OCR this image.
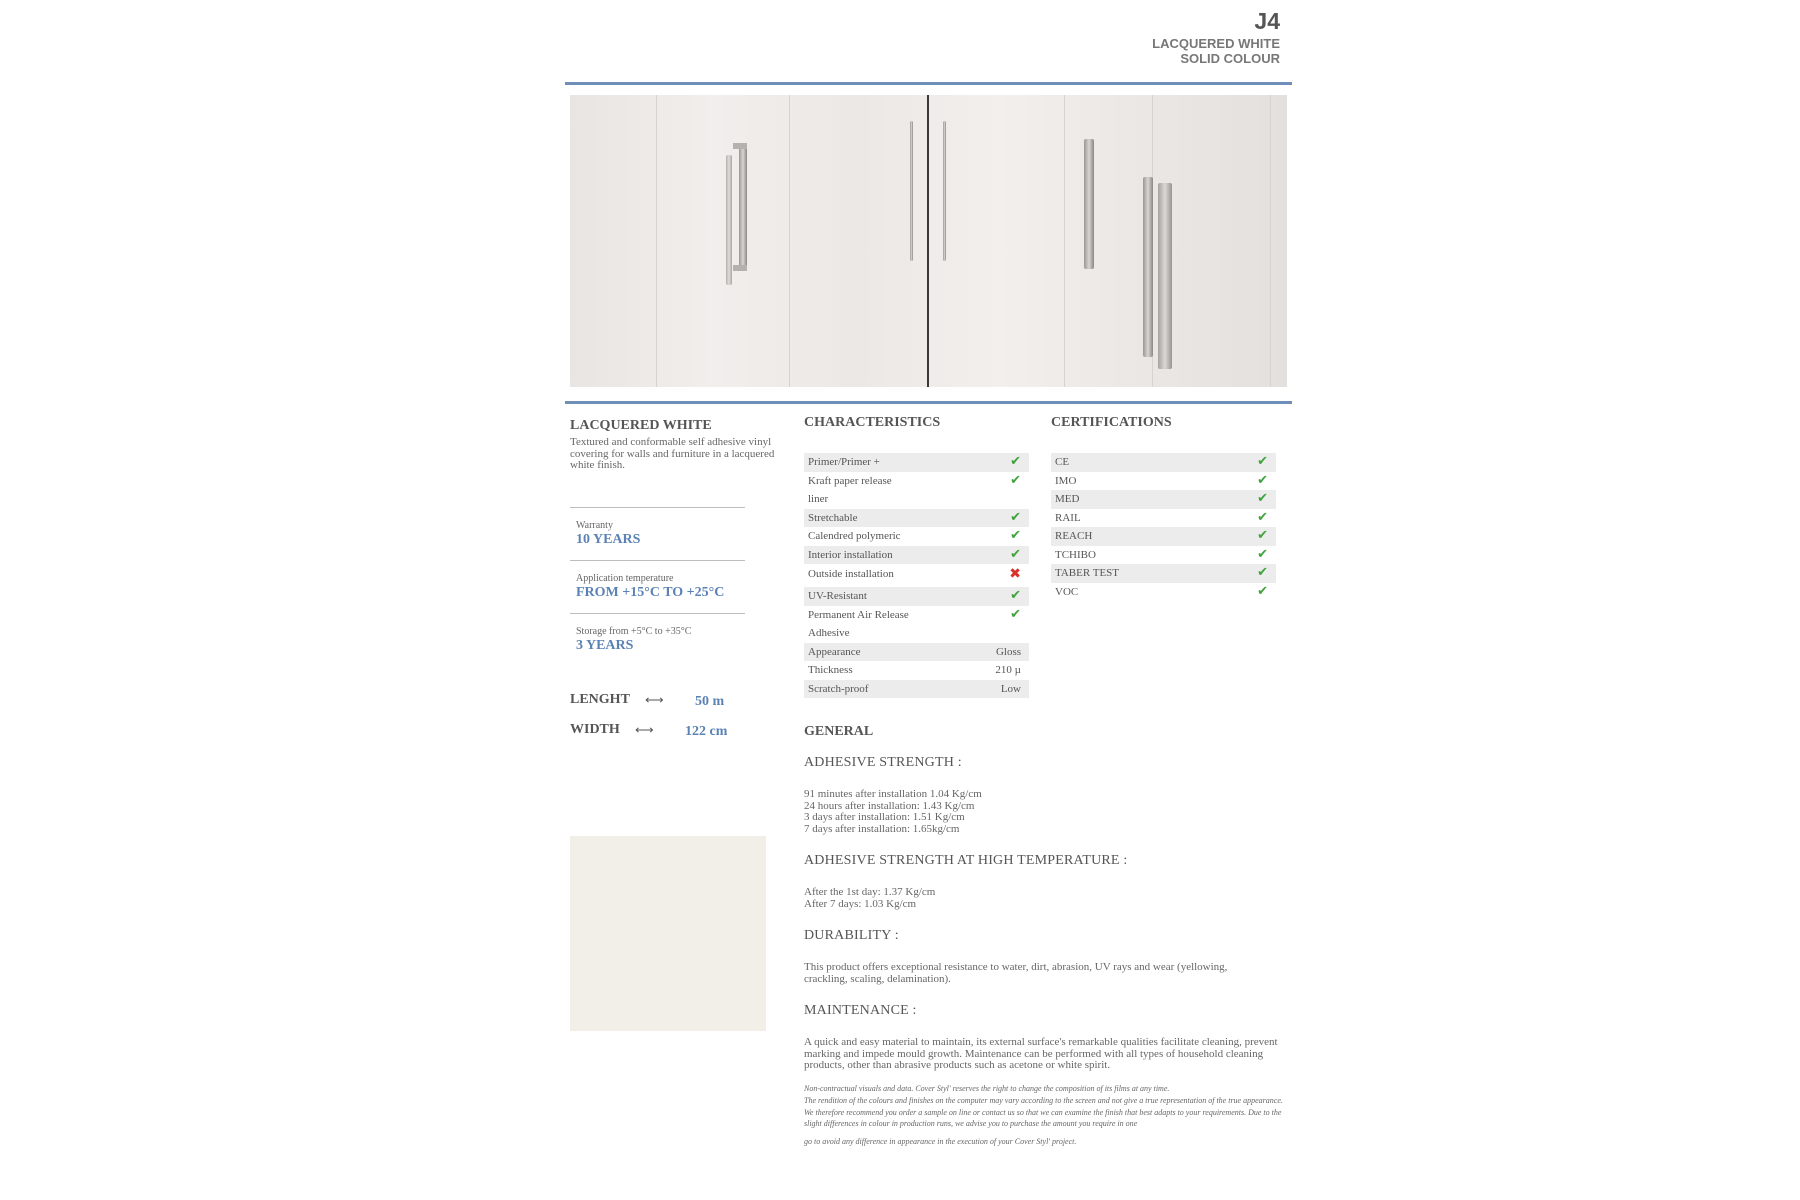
J4
LACQUERED WHITE
SOLID COLOUR
LACQUERED WHITE
Textured and conformable self adhesive vinyl covering for walls and furniture in a lacquered white finish.
Warranty
10 YEARS
Application temperature
FROM +15°C TO +25°C
Storage from +5°C to +35°C
3 YEARS
LENGHT ⟷ 50 m
WIDTH ⟷ 122 cm
CHARACTERISTICS
Primer/Primer +	✔
Kraft paper release	✔
liner
Stretchable	✔
Calendred polymeric	✔
Interior installation	✔
Outside installation	✖
UV-Resistant	✔
Permanent Air Release	✔
Adhesive
Appearance	Gloss
Thickness	210 µ
Scratch-proof	Low
CERTIFICATIONS
CE	✔
IMO	✔
MED	✔
RAIL	✔
REACH	✔
TCHIBO	✔
TABER TEST	✔
VOC	✔
GENERAL
ADHESIVE STRENGTH :
91 minutes after installation 1.04 Kg/cm
24 hours after installation: 1.43 Kg/cm
3 days after installation: 1.51 Kg/cm
7 days after installation: 1.65kg/cm
ADHESIVE STRENGTH AT HIGH TEMPERATURE :
After the 1st day: 1.37 Kg/cm
After 7 days: 1.03 Kg/cm
DURABILITY :
This product offers exceptional resistance to water, dirt, abrasion, UV rays and wear (yellowing, crackling, scaling, delamination).
MAINTENANCE :
A quick and easy material to maintain, its external surface's remarkable qualities facilitate cleaning, prevent marking and impede mould growth. Maintenance can be performed with all types of household cleaning products, other than abrasive products such as acetone or white spirit.
Non-contractual visuals and data. Cover Styl' reserves the right to change the composition of its films at any time.
The rendition of the colours and finishes on the computer may vary according to the screen and not give a true representation of the true appearance. We therefore recommend you order a sample on line or contact us so that we can examine the finish that best adapts to your requirements. Due to the slight differences in colour in production runs, we advise you to purchase the amount you require in one
go to avoid any difference in appearance in the execution of your Cover Styl' project.
